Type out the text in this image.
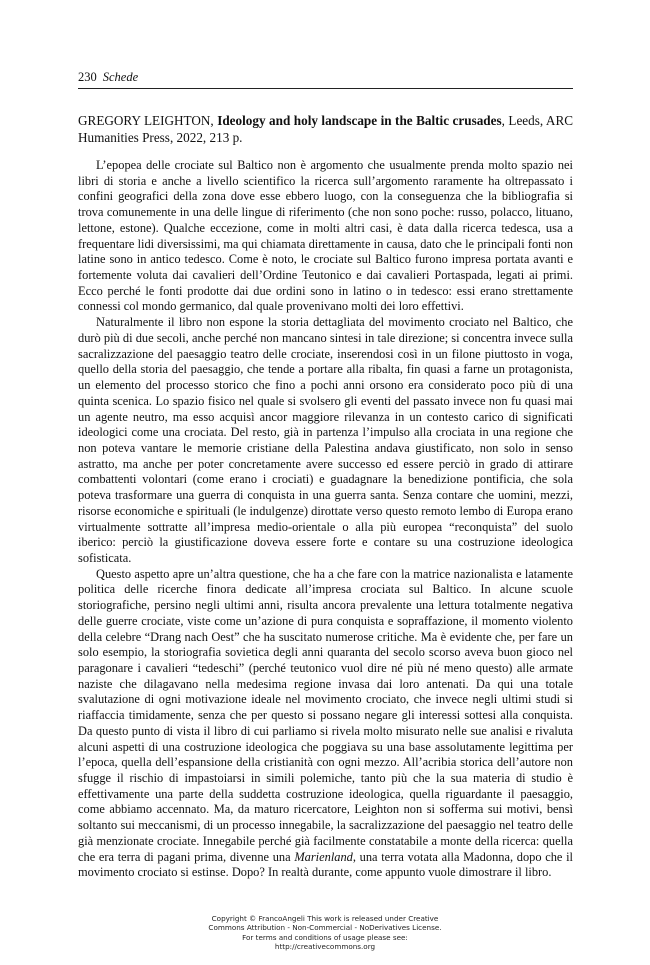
230 Schede
GREGORY LEIGHTON, Ideology and holy landscape in the Baltic crusades, Leeds, ARC Humanities Press, 2022, 213 p.

L’epopea delle crociate sul Baltico non è argomento che usualmente prenda molto spazio nei libri di storia e anche a livello scientifico la ricerca sull’argomento raramente ha oltrepassato i confini geografici della zona dove esse ebbero luogo, con la conseguenza che la bibliografia si trova comunemente in una delle lingue di riferimento (che non sono poche: russo, polacco, lituano, lettone, estone). Qualche eccezione, come in molti altri casi, è data dalla ricerca tedesca, usa a frequentare lidi diversissimi, ma qui chiamata direttamente in causa, dato che le principali fonti non latine sono in antico tedesco. Come è noto, le crociate sul Baltico furono impresa portata avanti e fortemente voluta dai cavalieri dell’Ordine Teutonico e dai cavalieri Portaspada, legati ai primi. Ecco perché le fonti prodotte dai due ordini sono in latino o in tedesco: essi erano strettamente connessi col mondo germanico, dal quale provenivano molti dei loro effettivi.

Naturalmente il libro non espone la storia dettagliata del movimento crociato nel Baltico, che durò più di due secoli, anche perché non mancano sintesi in tale direzione; si concentra invece sulla sacralizzazione del paesaggio teatro delle crociate, inserendosi così in un filone piuttosto in voga, quello della storia del paesaggio, che tende a portare alla ribalta, fin quasi a farne un protagonista, un elemento del processo storico che fino a pochi anni orsono era considerato poco più di una quinta scenica. Lo spazio fisico nel quale si svolsero gli eventi del passato invece non fu quasi mai un agente neutro, ma esso acquisì ancor maggiore rilevanza in un contesto carico di significati ideologici come una crociata. Del resto, già in partenza l’impulso alla crociata in una regione che non poteva vantare le memorie cristiane della Palestina andava giustificato, non solo in senso astratto, ma anche per poter concretamente avere successo ed essere perciò in grado di attirare combattenti volontari (come erano i crociati) e guadagnare la benedizione pontificia, che sola poteva trasformare una guerra di conquista in una guerra santa. Senza contare che uomini, mezzi, risorse economiche e spirituali (le indulgenze) dirottate verso questo remoto lembo di Europa erano virtualmente sottratte all’impresa medio-orientale o alla più europea “reconquista” del suolo iberico: perciò la giustificazione doveva essere forte e contare su una costruzione ideologica sofisticata.

Questo aspetto apre un’altra questione, che ha a che fare con la matrice nazionalista e latamente politica delle ricerche finora dedicate all’impresa crociata sul Baltico. In alcune scuole storiografiche, persino negli ultimi anni, risulta ancora prevalente una lettura totalmente negativa delle guerre crociate, viste come un’azione di pura conquista e sopraffazione, il momento violento della celebre “Drang nach Oest” che ha suscitato numerose critiche. Ma è evidente che, per fare un solo esempio, la storiografia sovietica degli anni quaranta del secolo scorso aveva buon gioco nel paragonare i cavalieri “tedeschi” (perché teutonico vuol dire né più né meno questo) alle armate naziste che dilagavano nella medesima regione invasa dai loro antenati. Da qui una totale svalutazione di ogni motivazione ideale nel movimento crociato, che invece negli ultimi studi si riaffaccia timidamente, senza che per questo si possano negare gli interessi sottesi alla conquista. Da questo punto di vista il libro di cui parliamo si rivela molto misurato nelle sue analisi e rivaluta alcuni aspetti di una costruzione ideologica che poggiava su una base assolutamente legittima per l’epoca, quella dell’espansione della cristianità con ogni mezzo. All’acribia storica dell’autore non sfugge il rischio di impastoiarsi in simili polemiche, tanto più che la sua materia di studio è effettivamente una parte della suddetta costruzione ideologica, quella riguardante il paesaggio, come abbiamo accennato. Ma, da maturo ricercatore, Leighton non si sofferma sui motivi, bensì soltanto sui meccanismi, di un processo innegabile, la sacralizzazione del paesaggio nel teatro delle già menzionate crociate. Innegabile perché già facilmente constatabile a monte della ricerca: quella che era terra di pagani prima, divenne una Marienland, una terra votata alla Madonna, dopo che il movimento crociato si estinse. Dopo? In realtà durante, come appunto vuole dimostrare il libro.

Copyright © FrancoAngeli This work is released under Creative
Commons Attribution - Non-Commercial - NoDerivatives License.
For terms and conditions of usage please see:
http://creativecommons.org
